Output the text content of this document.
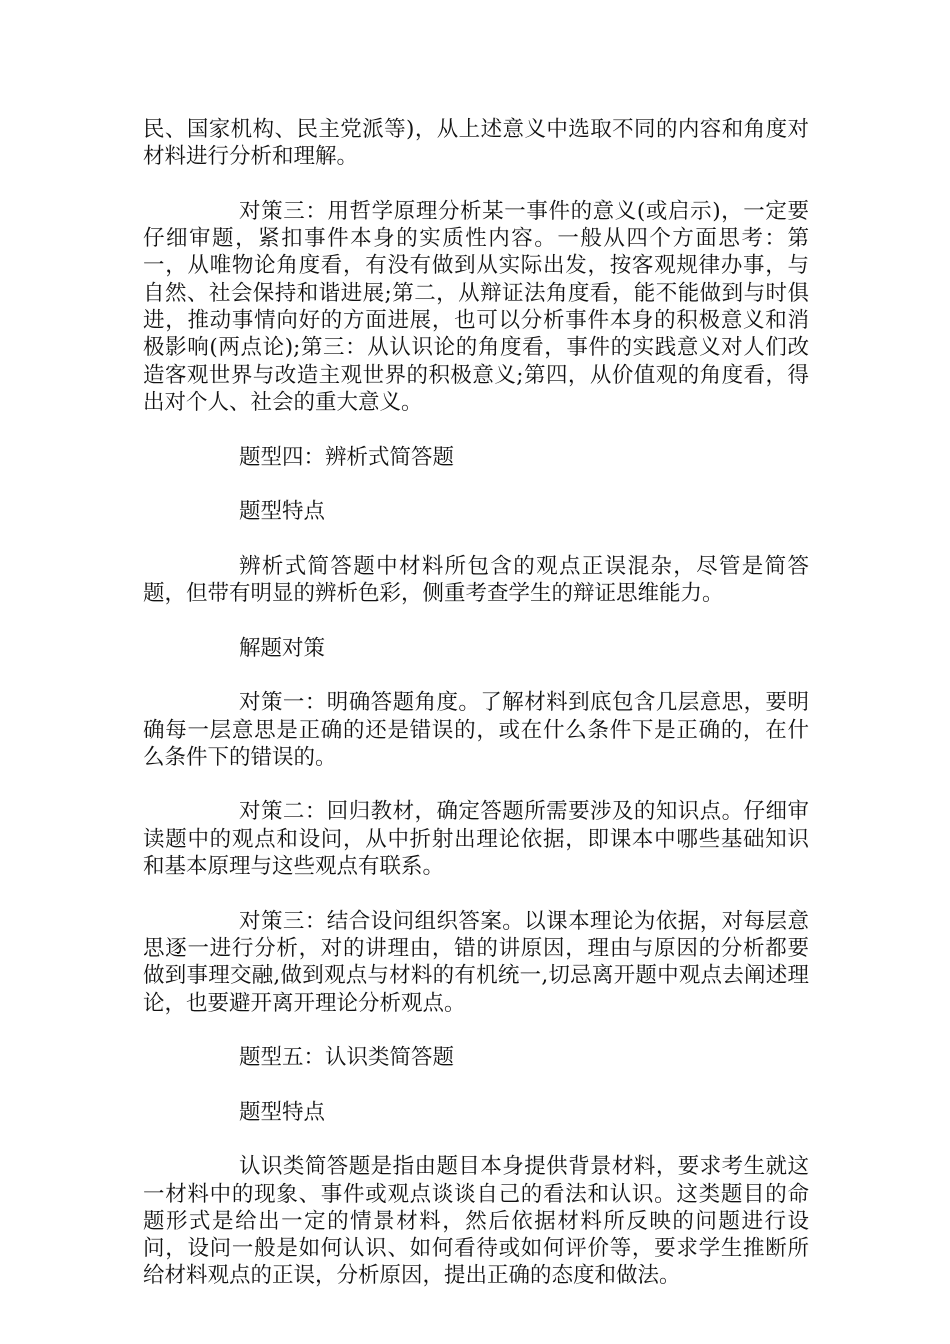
民、国家机构、民主党派等)，从上述意义中选取不同的内容和角度对材料进行分析和理解。

对策三：用哲学原理分析某一事件的意义(或启示)，一定要仔细审题，紧扣事件本身的实质性内容。一般从四个方面思考：第一，从唯物论角度看，有没有做到从实际出发，按客观规律办事，与自然、社会保持和谐进展;第二，从辩证法角度看，能不能做到与时俱进，推动事情向好的方面进展，也可以分析事件本身的积极意义和消极影响(两点论);第三：从认识论的角度看，事件的实践意义对人们改造客观世界与改造主观世界的积极意义;第四，从价值观的角度看，得出对个人、社会的重大意义。

题型四：辨析式简答题

题型特点

辨析式简答题中材料所包含的观点正误混杂，尽管是简答题，但带有明显的辨析色彩，侧重考查学生的辩证思维能力。

解题对策

对策一：明确答题角度。了解材料到底包含几层意思，要明确每一层意思是正确的还是错误的，或在什么条件下是正确的，在什么条件下的错误的。

对策二：回归教材，确定答题所需要涉及的知识点。仔细审读题中的观点和设问，从中折射出理论依据，即课本中哪些基础知识和基本原理与这些观点有联系。

对策三：结合设问组织答案。以课本理论为依据，对每层意思逐一进行分析，对的讲理由，错的讲原因，理由与原因的分析都要做到事理交融,做到观点与材料的有机统一,切忌离开题中观点去阐述理论，也要避开离开理论分析观点。

题型五：认识类简答题

题型特点

认识类简答题是指由题目本身提供背景材料，要求考生就这一材料中的现象、事件或观点谈谈自己的看法和认识。这类题目的命题形式是给出一定的情景材料，然后依据材料所反映的问题进行设问，设问一般是如何认识、如何看待或如何评价等，要求学生推断所给材料观点的正误，分析原因，提出正确的态度和做法。
